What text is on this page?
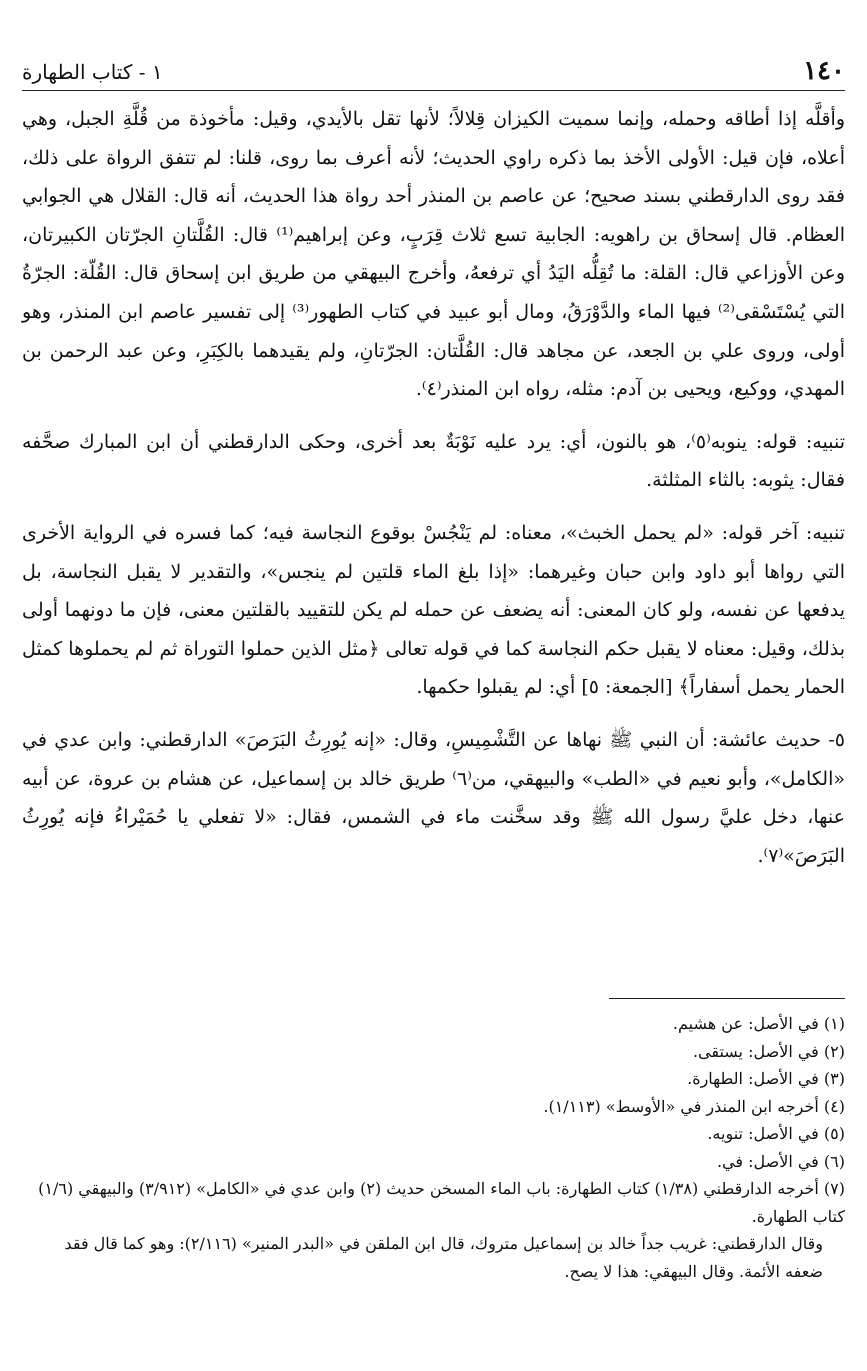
١٤٠
١ - كتاب الطهارة

وأقلَّه إذا أطاقه وحمله، وإنما سميت الكيزان قِلالاً؛ لأنها تقل بالأيدي، وقيل: مأخوذة من قُلَّةِ الجبل، وهي أعلاه، فإن قيل: الأولى الأخذ بما ذكره راوي الحديث؛ لأنه أعرف بما روى، قلنا: لم تتفق الرواة على ذلك، فقد روى الدارقطني بسند صحيح؛ عن عاصم بن المنذر أحد رواة هذا الحديث، أنه قال: القلال هي الجوابي العظام. قال إسحاق بن راهويه: الجابية تسع ثلاث قِرَبٍ، وعن إبراهيم⁽¹⁾ قال: القُلَّتانِ الجرّتان الكبيرتان، وعن الأوزاعي قال: القلة: ما تُقِلُّه اليَدُ أي ترفعهُ، وأخرج البيهقي من طريق ابن إسحاق قال: القُلّة: الجرّةُ التي يُسْتَسْقى⁽²⁾ فيها الماء والدَّوْرَقُ، ومال أبو عبيد في كتاب الطهور⁽³⁾ إلى تفسير عاصم ابن المنذر، وهو أولى، وروى علي بن الجعد، عن مجاهد قال: القُلَّتان: الجرّتانِ، ولم يقيدهما بالكِبَرِ، وعن عبد الرحمن بن المهدي، ووكيع، ويحيى بن آدم: مثله، رواه ابن المنذر⁽٤⁾.

تنبيه: قوله: ينوبه⁽٥⁾، هو بالنون، أي: يرد عليه نَوْبَةٌ بعد أخرى، وحكى الدارقطني أن ابن المبارك صحَّفه فقال: يثوبه: بالثاء المثلثة.

تنبيه: آخر قوله: «لم يحمل الخبث»، معناه: لم يَنْجُسْ بوقوع النجاسة فيه؛ كما فسره في الرواية الأخرى التي رواها أبو داود وابن حبان وغيرهما: «إذا بلغ الماء قلتين لم ينجس»، والتقدير لا يقبل النجاسة، بل يدفعها عن نفسه، ولو كان المعنى: أنه يضعف عن حمله لم يكن للتقييد بالقلتين معنى، فإن ما دونهما أولى بذلك، وقيل: معناه لا يقبل حكم النجاسة كما في قوله تعالى ﴿مثل الذين حملوا التوراة ثم لم يحملوها كمثل الحمار يحمل أسفاراً﴾ [الجمعة: ٥] أي: لم يقبلوا حكمها.

٥- حديث عائشة: أن النبي ﷺ نهاها عن التَّشْمِيسِ، وقال: «إنه يُورِثُ البَرَصَ» الدارقطني: وابن عدي في «الكامل»، وأبو نعيم في «الطب» والبيهقي، من⁽٦⁾ طريق خالد بن إسماعيل، عن هشام بن عروة، عن أبيه عنها، دخل عليَّ رسول الله ﷺ وقد سخَّنت ماء في الشمس، فقال: «لا تفعلي يا حُمَيْراءُ فإنه يُورِثُ البَرَصَ»⁽٧⁾.

(١) في الأصل: عن هشيم.

(٢) في الأصل: يستقى.

(٣) في الأصل: الطهارة.

(٤) أخرجه ابن المنذر في «الأوسط» (١/١١٣).

(٥) في الأصل: تنويه.

(٦) في الأصل: في.

(٧) أخرجه الدارقطني (١/٣٨) كتاب الطهارة: باب الماء المسخن حديث (٢) وابن عدي في «الكامل» (٣/٩١٢) والبيهقي (١/٦) كتاب الطهارة.

وقال الدارقطني: غريب جداً خالد بن إسماعيل متروك، قال ابن الملقن في «البدر المنير» (٢/١١٦): وهو كما قال فقد ضعفه الأئمة. وقال البيهقي: هذا لا يصح.
